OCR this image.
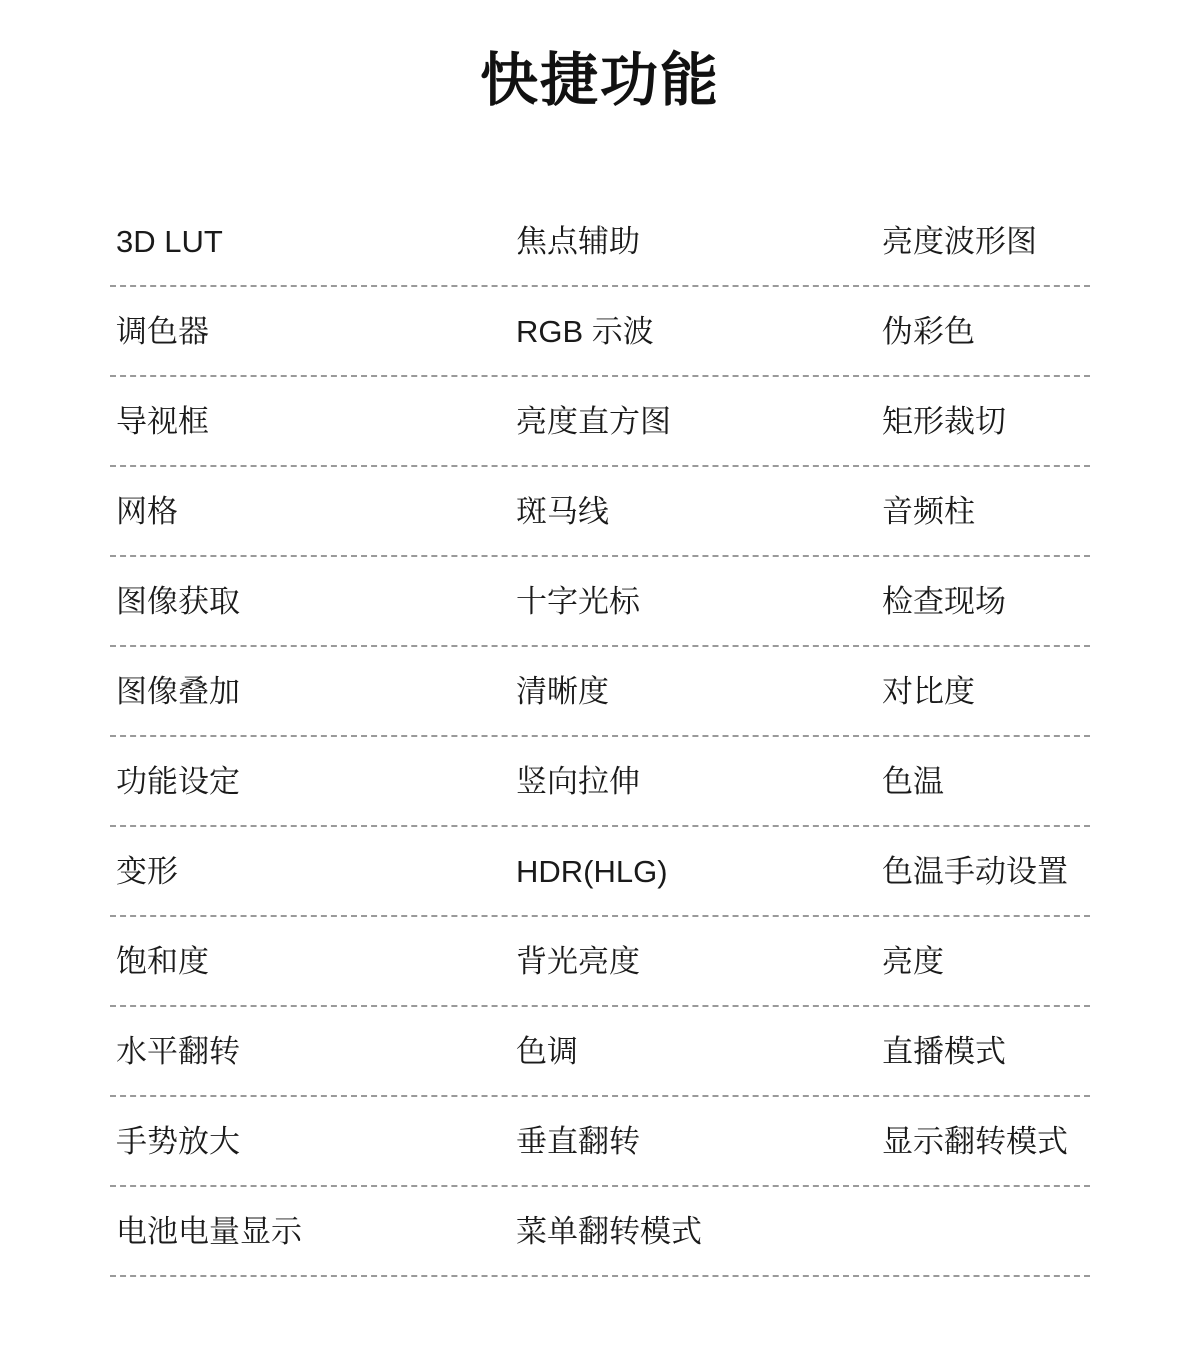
快捷功能
3D LUT	焦点辅助	亮度波形图
调色器	RGB 示波	伪彩色
导视框	亮度直方图	矩形裁切
网格	斑马线	音频柱
图像获取	十字光标	检查现场
图像叠加	清晰度	对比度
功能设定	竖向拉伸	色温
变形	HDR(HLG)	色温手动设置
饱和度	背光亮度	亮度
水平翻转	色调	直播模式
手势放大	垂直翻转	显示翻转模式
电池电量显示	菜单翻转模式
